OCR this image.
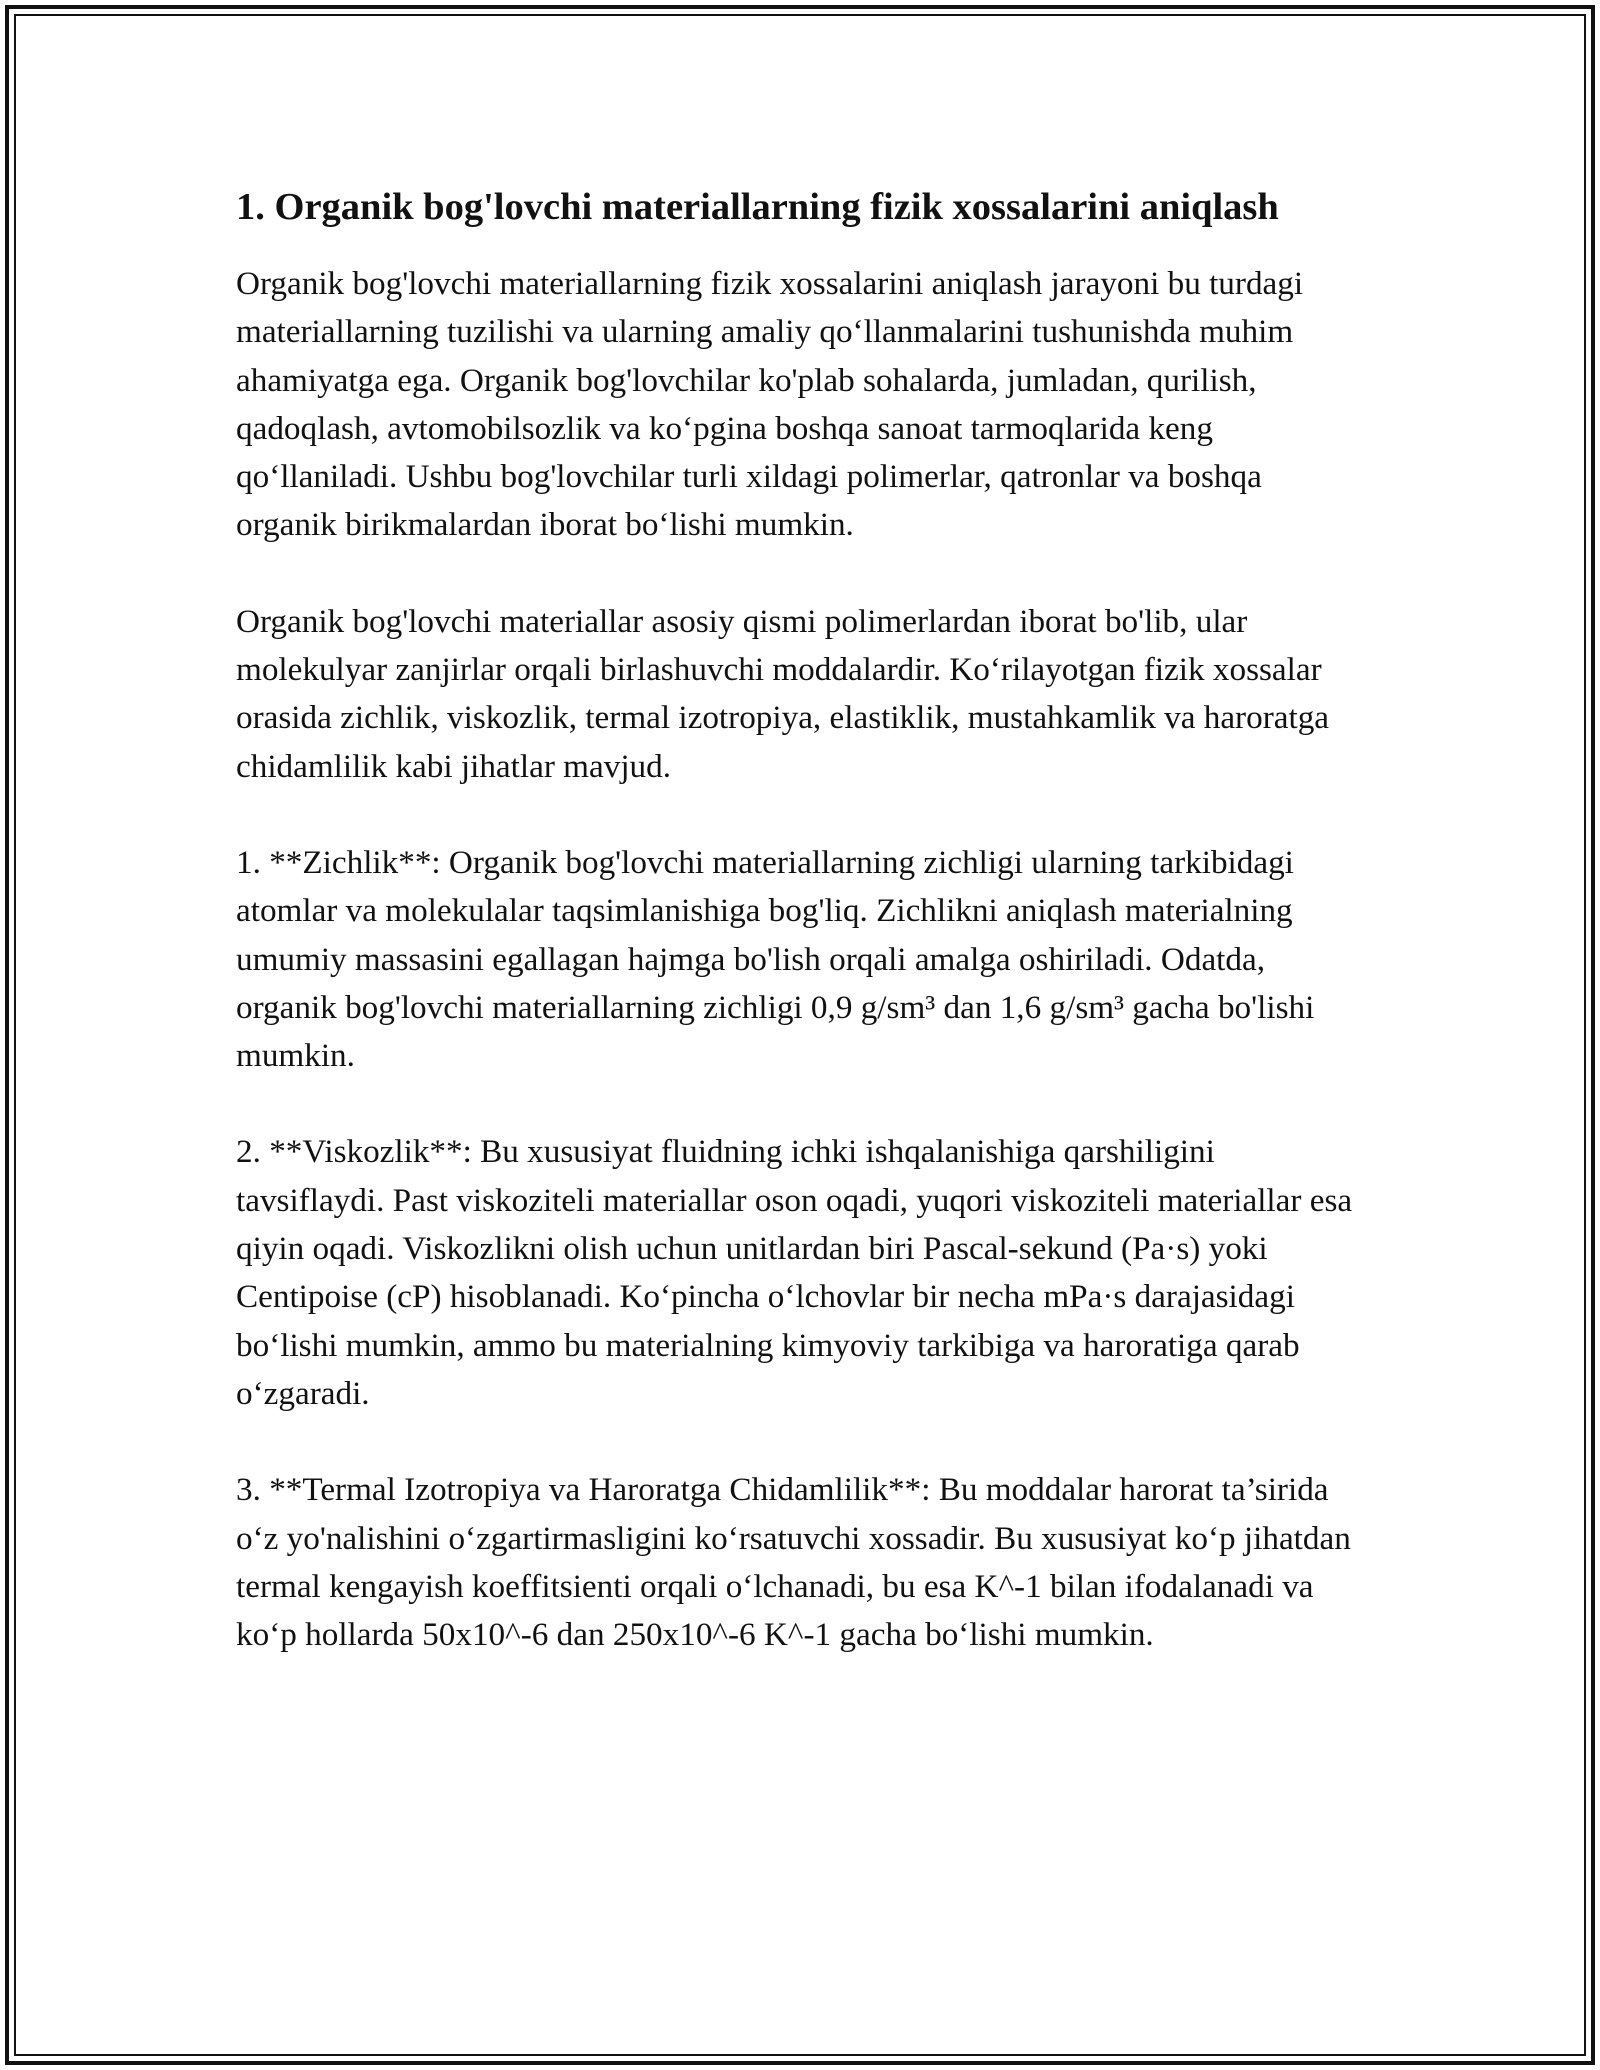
1. Organik bog'lovchi materiallarning fizik xossalarini aniqlash

Organik bog'lovchi materiallarning fizik xossalarini aniqlash jarayoni bu turdagi materiallarning tuzilishi va ularning amaliy qo‘llanmalarini tushunishda muhim ahamiyatga ega. Organik bog'lovchilar ko'plab sohalarda, jumladan, qurilish, qadoqlash, avtomobilsozlik va ko‘pgina boshqa sanoat tarmoqlarida keng qo‘llaniladi. Ushbu bog'lovchilar turli xildagi polimerlar, qatronlar va boshqa organik birikmalardan iborat bo‘lishi mumkin.

Organik bog'lovchi materiallar asosiy qismi polimerlardan iborat bo'lib, ular molekulyar zanjirlar orqali birlashuvchi moddalardir. Ko‘rilayotgan fizik xossalar orasida zichlik, viskozlik, termal izotropiya, elastiklik, mustahkamlik va haroratga chidamlilik kabi jihatlar mavjud.

1. **Zichlik**: Organik bog'lovchi materiallarning zichligi ularning tarkibidagi atomlar va molekulalar taqsimlanishiga bog'liq. Zichlikni aniqlash materialning umumiy massasini egallagan hajmga bo'lish orqali amalga oshiriladi. Odatda, organik bog'lovchi materiallarning zichligi 0,9 g/sm³ dan 1,6 g/sm³ gacha bo'lishi mumkin.

2. **Viskozlik**: Bu xususiyat fluidning ichki ishqalanishiga qarshiligini tavsiflaydi. Past viskoziteli materiallar oson oqadi, yuqori viskoziteli materiallar esa qiyin oqadi. Viskozlikni olish uchun unitlardan biri Pascal-sekund (Pa·s) yoki Centipoise (cP) hisoblanadi. Ko‘pincha o‘lchovlar bir necha mPa·s darajasidagi bo‘lishi mumkin, ammo bu materialning kimyoviy tarkibiga va haroratiga qarab o‘zgaradi.

3. **Termal Izotropiya va Haroratga Chidamlilik**: Bu moddalar harorat ta’sirida o‘z yo'nalishini o‘zgartirmasligini ko‘rsatuvchi xossadir. Bu xususiyat ko‘p jihatdan termal kengayish koeffitsienti orqali o‘lchanadi, bu esa K^-1 bilan ifodalanadi va ko‘p hollarda 50x10^-6 dan 250x10^-6 K^-1 gacha bo‘lishi mumkin.
